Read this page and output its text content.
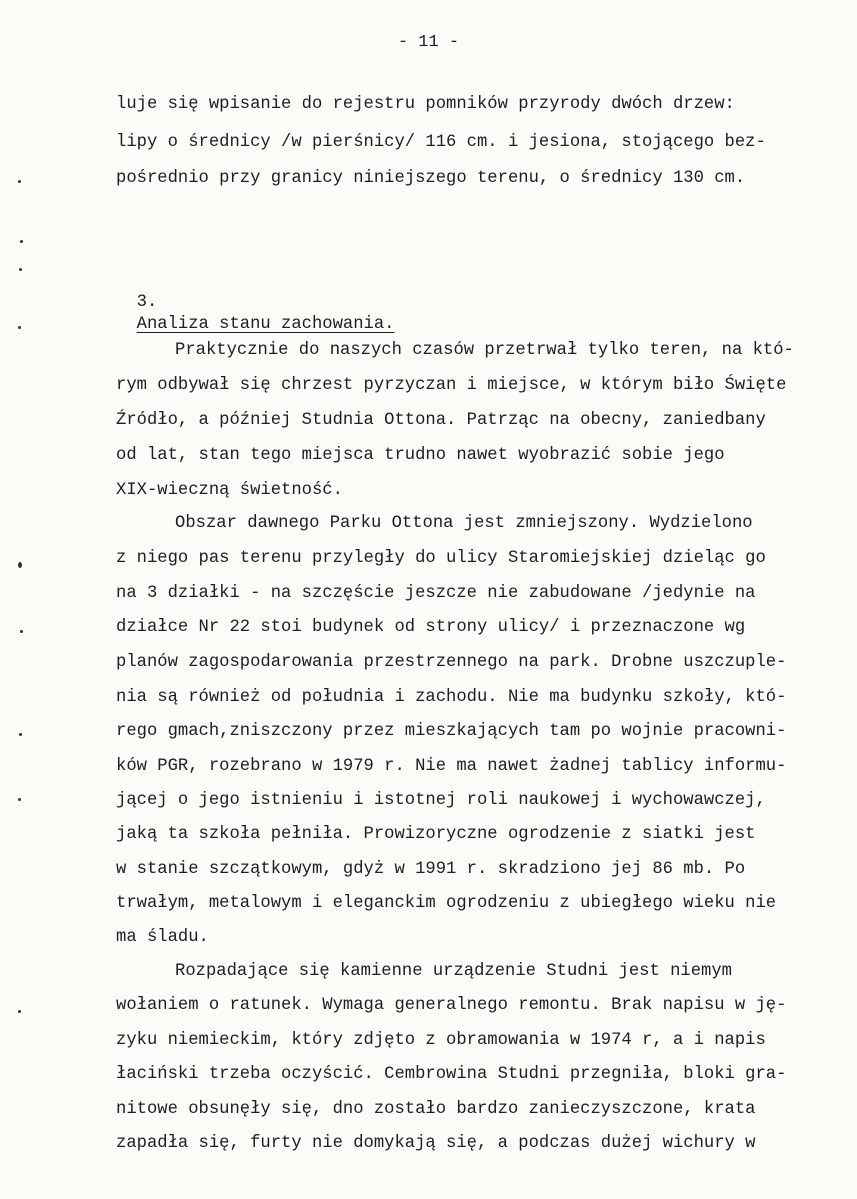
- 11 -
luje się wpisanie do rejestru pomników przyrody dwóch drzew:
lipy o średnicy /w pierśnicy/ 116 cm. i jesiona, stojącego bez-
pośrednio przy granicy niniejszego terenu, o średnicy 130 cm.

3.
Analiza stanu zachowania.

Praktycznie do naszych czasów przetrwał tylko teren, na któ-
rym odbywał się chrzest pyrzyczan i miejsce, w którym biło Święte
Źródło, a później Studnia Ottona. Patrząc na obecny, zaniedbany
od lat, stan tego miejsca trudno nawet wyobrazić sobie jego
XIX-wieczną świetność.
Obszar dawnego Parku Ottona jest zmniejszony. Wydzielono
z niego pas terenu przyległy do ulicy Staromiejskiej dzieląc go
na 3 działki - na szczęście jeszcze nie zabudowane /jedynie na
działce Nr 22 stoi budynek od strony ulicy/ i przeznaczone wg
planów zagospodarowania przestrzennego na park. Drobne uszczuple-
nia są również od południa i zachodu. Nie ma budynku szkoły, któ-
rego gmach,zniszczony przez mieszkających tam po wojnie pracowni-
ków PGR, rozebrano w 1979 r. Nie ma nawet żadnej tablicy informu-
jącej o jego istnieniu i istotnej roli naukowej i wychowawczej,
jaką ta szkoła pełniła. Prowizoryczne ogrodzenie z siatki jest
w stanie szczątkowym, gdyż w 1991 r. skradziono jej 86 mb. Po
trwałym, metalowym i eleganckim ogrodzeniu z ubiegłego wieku nie
ma śladu.
Rozpadające się kamienne urządzenie Studni jest niemym
wołaniem o ratunek. Wymaga generalnego remontu. Brak napisu w ję-
zyku niemieckim, który zdjęto z obramowania w 1974 r, a i napis
łaciński trzeba oczyścić. Cembrowina Studni przegniła, bloki gra-
nitowe obsunęły się, dno zostało bardzo zanieczyszczone, krata
zapadła się, furty nie domykają się, a podczas dużej wichury w
